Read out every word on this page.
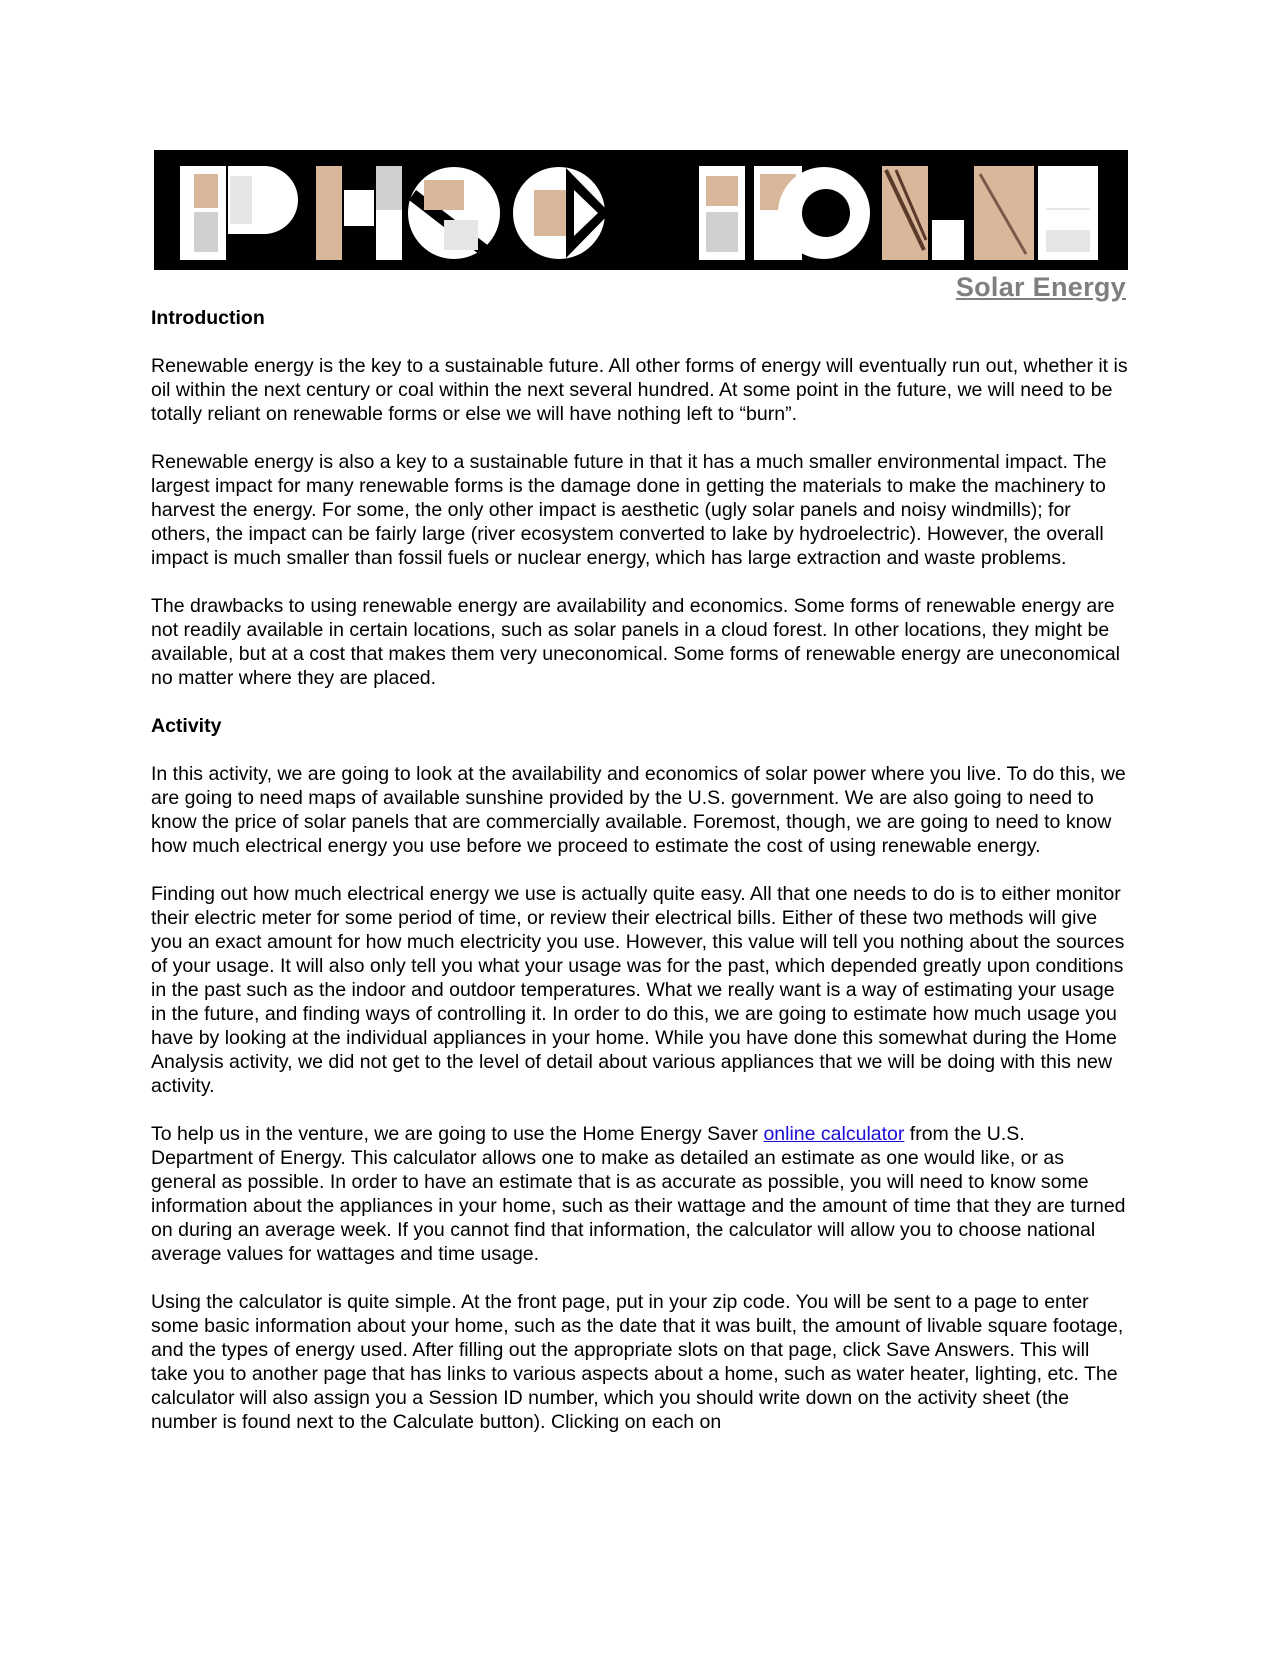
Solar Energy
Introduction

Renewable energy is the key to a sustainable future. All other forms of energy will eventually run out, whether it is oil within the next century or coal within the next several hundred. At some point in the future, we will need to be totally reliant on renewable forms or else we will have nothing left to “burn”.

Renewable energy is also a key to a sustainable future in that it has a much smaller environmental impact. The largest impact for many renewable forms is the damage done in getting the materials to make the machinery to harvest the energy. For some, the only other impact is aesthetic (ugly solar panels and noisy windmills); for others, the impact can be fairly large (river ecosystem converted to lake by hydroelectric). However, the overall impact is much smaller than fossil fuels or nuclear energy, which has large extraction and waste problems.

The drawbacks to using renewable energy are availability and economics. Some forms of renewable energy are not readily available in certain locations, such as solar panels in a cloud forest. In other locations, they might be available, but at a cost that makes them very uneconomical. Some forms of renewable energy are uneconomical no matter where they are placed.

Activity

In this activity, we are going to look at the availability and economics of solar power where you live. To do this, we are going to need maps of available sunshine provided by the U.S. government. We are also going to need to know the price of solar panels that are commercially available. Foremost, though, we are going to need to know how much electrical energy you use before we proceed to estimate the cost of using renewable energy.

Finding out how much electrical energy we use is actually quite easy. All that one needs to do is to either monitor their electric meter for some period of time, or review their electrical bills. Either of these two methods will give you an exact amount for how much electricity you use. However, this value will tell you nothing about the sources of your usage. It will also only tell you what your usage was for the past, which depended greatly upon conditions in the past such as the indoor and outdoor temperatures. What we really want is a way of estimating your usage in the future, and finding ways of controlling it. In order to do this, we are going to estimate how much usage you have by looking at the individual appliances in your home. While you have done this somewhat during the Home Analysis activity, we did not get to the level of detail about various appliances that we will be doing with this new activity.

To help us in the venture, we are going to use the Home Energy Saver online calculator from the U.S. Department of Energy. This calculator allows one to make as detailed an estimate as one would like, or as general as possible. In order to have an estimate that is as accurate as possible, you will need to know some information about the appliances in your home, such as their wattage and the amount of time that they are turned on during an average week. If you cannot find that information, the calculator will allow you to choose national average values for wattages and time usage.

Using the calculator is quite simple. At the front page, put in your zip code. You will be sent to a page to enter some basic information about your home, such as the date that it was built, the amount of livable square footage, and the types of energy used. After filling out the appropriate slots on that page, click Save Answers. This will take you to another page that has links to various aspects about a home, such as water heater, lighting, etc. The calculator will also assign you a Session ID number, which you should write down on the activity sheet (the number is found next to the Calculate button). Clicking on each on
